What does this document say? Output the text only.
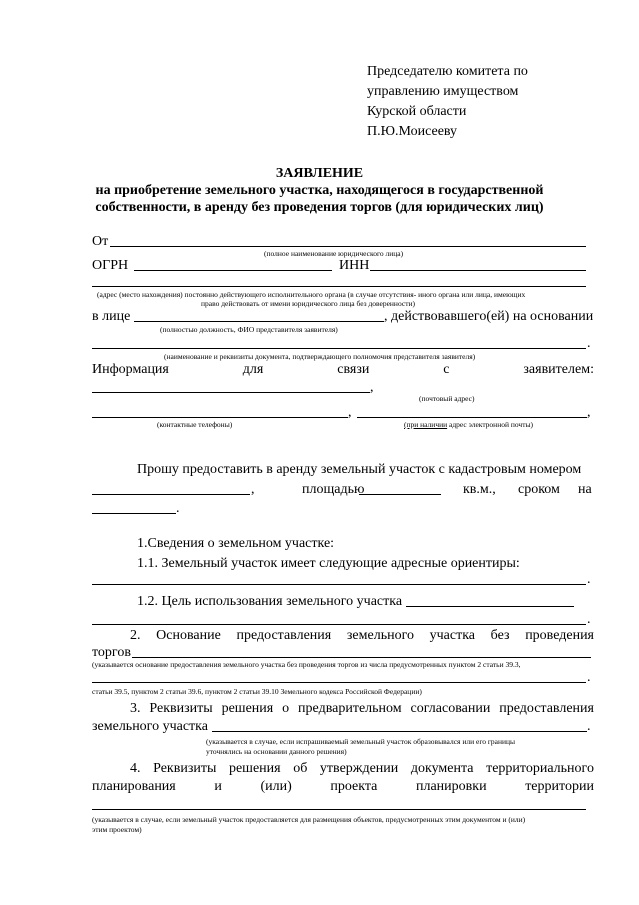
Председателю комитета по
управлению имуществом
Курской области
П.Ю.Моисееву
ЗАЯВЛЕНИЕ
на приобретение земельного участка, находящегося в государственной
собственности, в аренду без проведения торгов (для юридических лиц)
От
(полное наименование юридического лица)
ОГРН	ИНН
(адрес (место нахождения) постоянно действующего исполнительного органа (в случае отсутствия- иного органа или лица, имеющих
право действовать от имени юридического лица без доверенности)
в лице	, действовавшего(ей) на основании
(полностью должность, ФИО представителя заявителя)
.
(наименование и реквизиты документа, подтверждающего полномочия представителя заявителя)
Информация	для	связи	с	заявителем:
,
(почтовый адрес)
,	,
(контактные телефоны)	(при наличии адрес электронной почты)
Прошу предоставить в аренду земельный участок с кадастровым номером
,	площадью	кв.м., сроком на
.
1.Сведения о земельном участке:
1.1. Земельный участок имеет следующие адресные ориентиры:
.
1.2. Цель использования земельного участка
.
2. Основание предоставления земельного участка без проведения
торгов
(указывается основание предоставления земельного участка без проведения торгов из числа предусмотренных пунктом 2 статьи 39.3,
.
статьи 39.5, пунктом 2 статьи 39.6, пунктом 2 статьи 39.10 Земельного кодекса Российской Федерации)
3. Реквизиты решения о предварительном согласовании предоставления
земельного участка	.
(указывается в случае, если испрашиваемый земельный участок образовывался или его границы
уточнялись на основании данного решения)
4. Реквизиты решения об утверждении документа территориального
планирования	и	(или)	проекта	планировки	территории
(указывается в случае, если земельный участок предоставляется для размещения объектов, предусмотренных этим документом и (или)
этим проектом)
